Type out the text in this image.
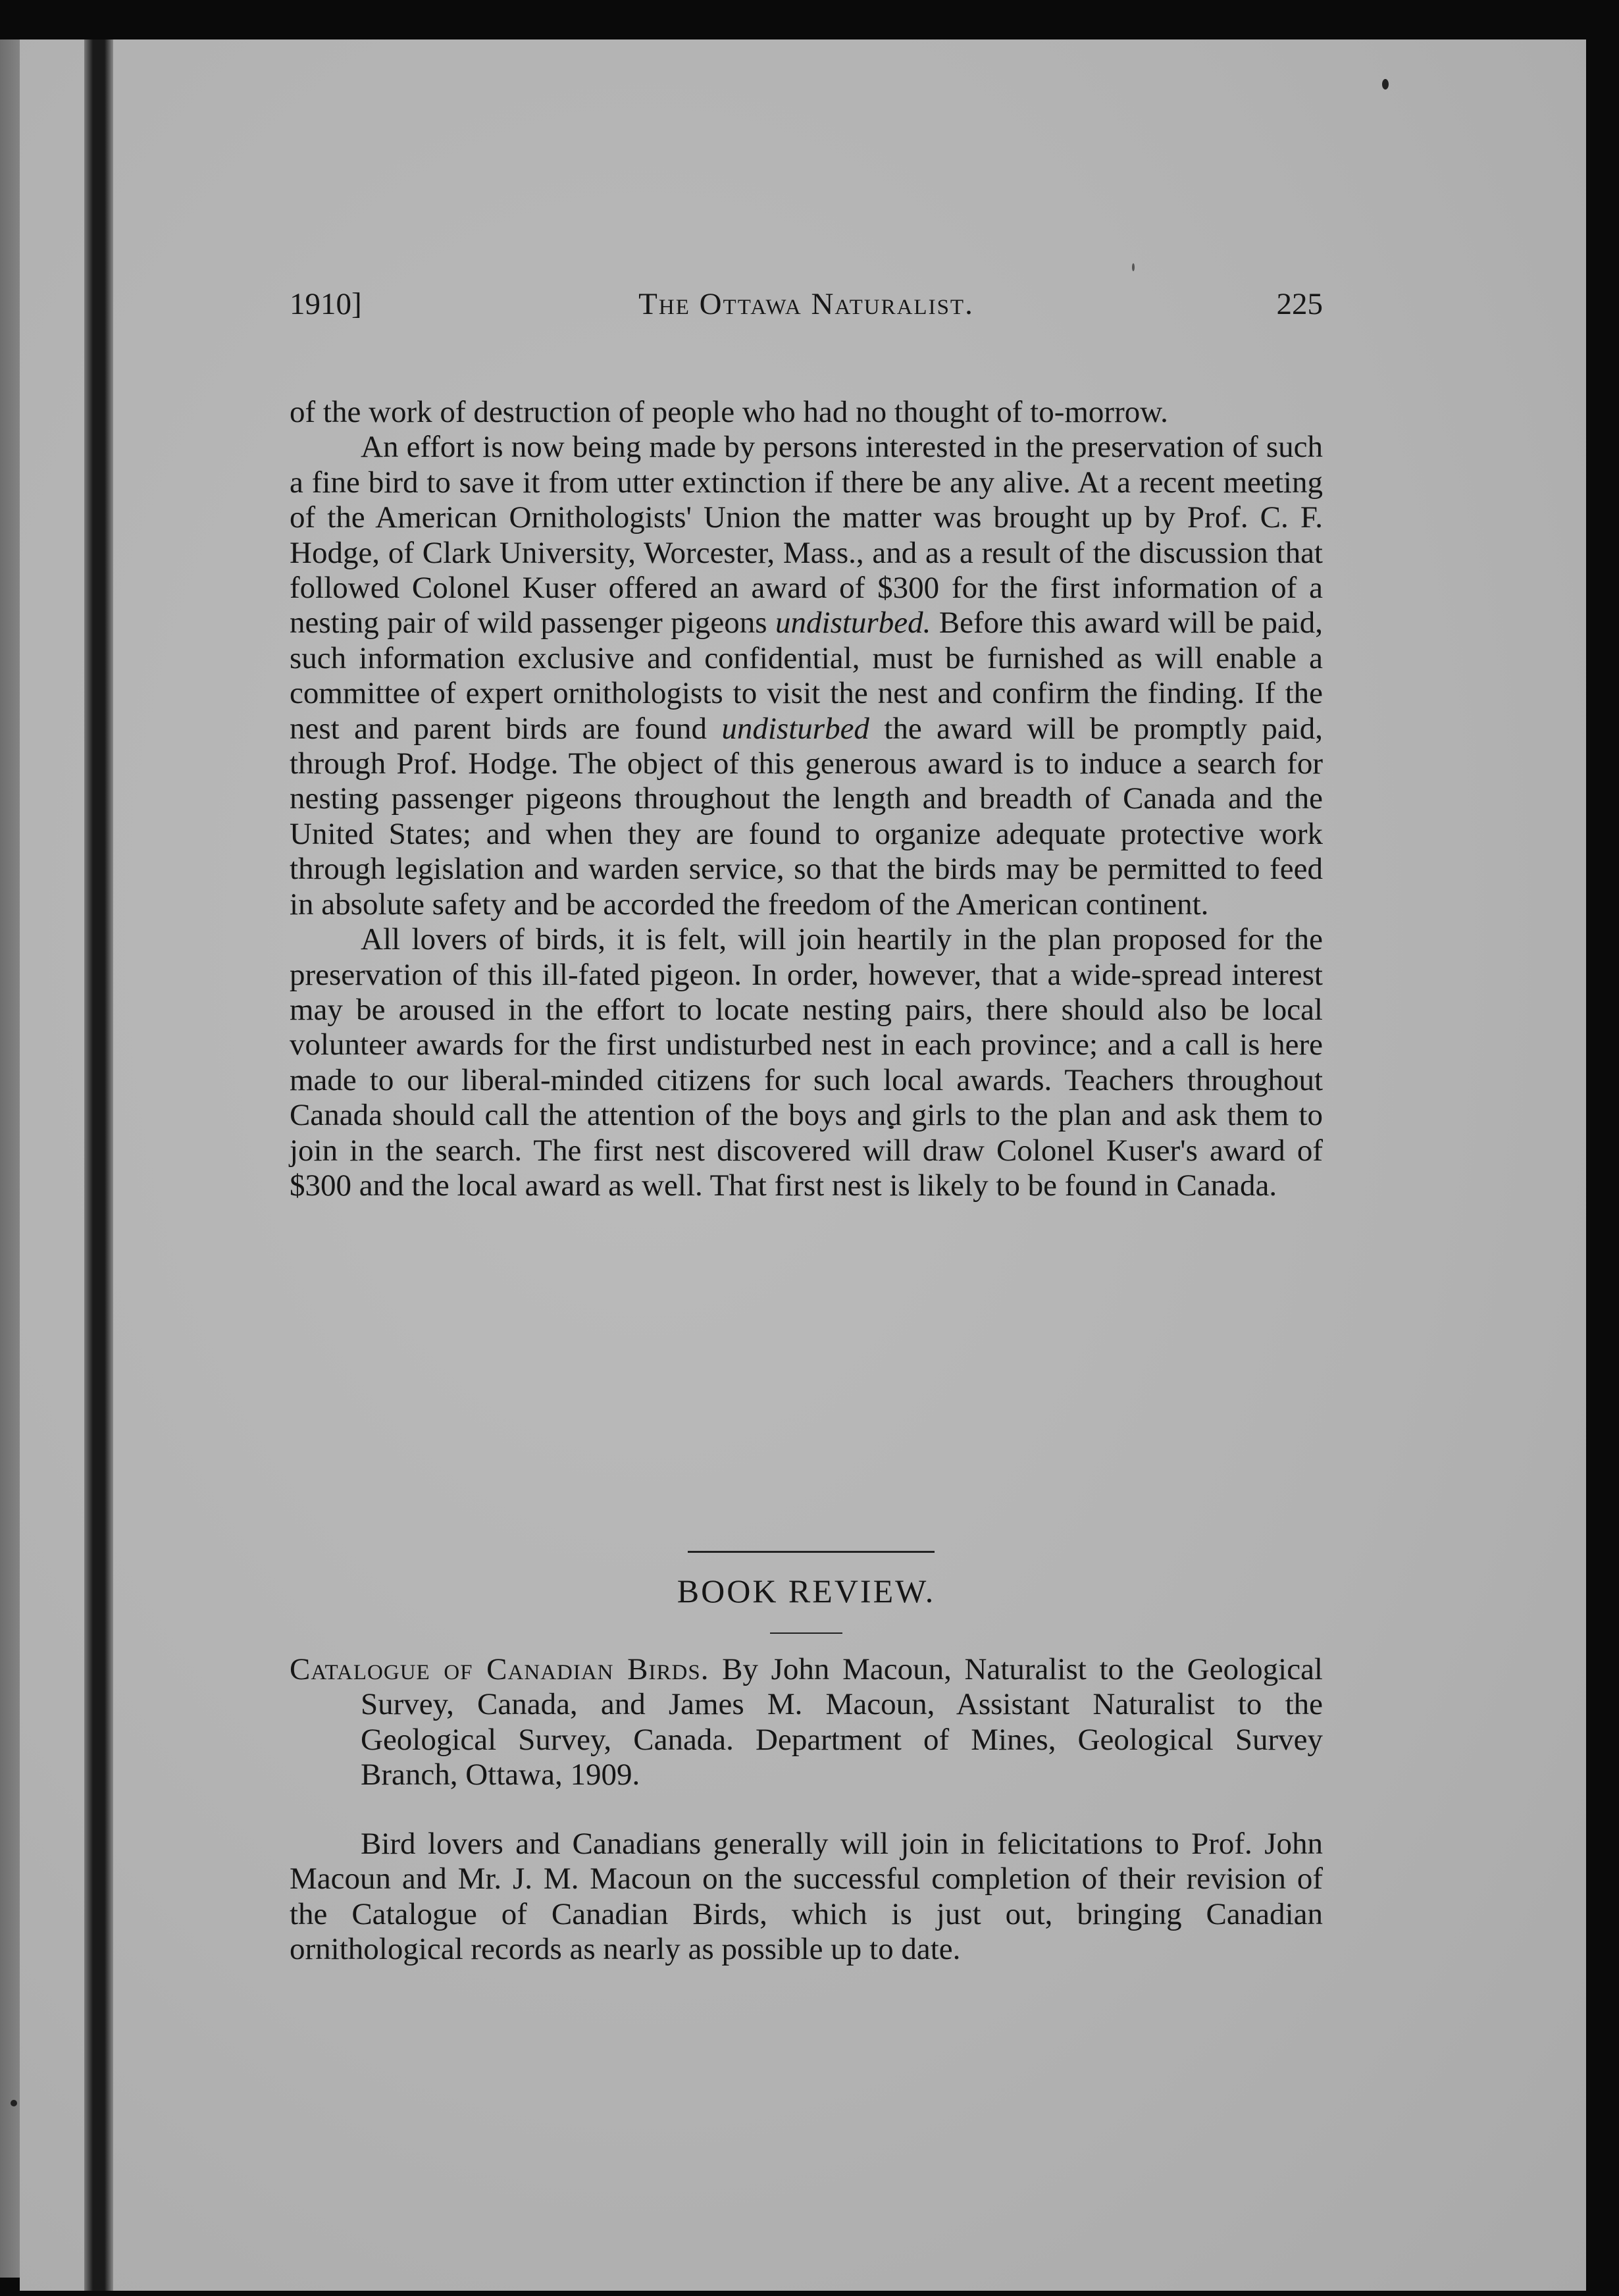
1910]	The Ottawa Naturalist.	225

of the work of destruction of people who had no thought of to-morrow.

An effort is now being made by persons interested in the preservation of such a fine bird to save it from utter extinction if there be any alive. At a recent meeting of the American Ornithologists' Union the matter was brought up by Prof. C. F. Hodge, of Clark University, Worcester, Mass., and as a result of the discussion that followed Colonel Kuser offered an award of $300 for the first information of a nesting pair of wild passenger pigeons undisturbed. Before this award will be paid, such information exclusive and confidential, must be furnished as will enable a committee of expert ornithologists to visit the nest and confirm the finding. If the nest and parent birds are found undisturbed the award will be promptly paid, through Prof. Hodge. The object of this generous award is to induce a search for nesting passenger pigeons throughout the length and breadth of Canada and the United States; and when they are found to organize adequate protective work through legislation and warden service, so that the birds may be permitted to feed in absolute safety and be accorded the freedom of the American continent.

All lovers of birds, it is felt, will join heartily in the plan proposed for the preservation of this ill-fated pigeon. In order, however, that a wide-spread interest may be aroused in the effort to locate nesting pairs, there should also be local volunteer awards for the first undisturbed nest in each province; and a call is here made to our liberal-minded citizens for such local awards. Teachers throughout Canada should call the attention of the boys and girls to the plan and ask them to join in the search. The first nest discovered will draw Colonel Kuser's award of $300 and the local award as well. That first nest is likely to be found in Canada.

BOOK REVIEW.
Catalogue of Canadian Birds. By John Macoun, Naturalist to the Geological Survey, Canada, and James M. Macoun, Assistant Naturalist to the Geological Survey, Canada. Department of Mines, Geological Survey Branch, Ottawa, 1909.

Bird lovers and Canadians generally will join in felicitations to Prof. John Macoun and Mr. J. M. Macoun on the successful completion of their revision of the Catalogue of Canadian Birds, which is just out, bringing Canadian ornithological records as nearly as possible up to date.
